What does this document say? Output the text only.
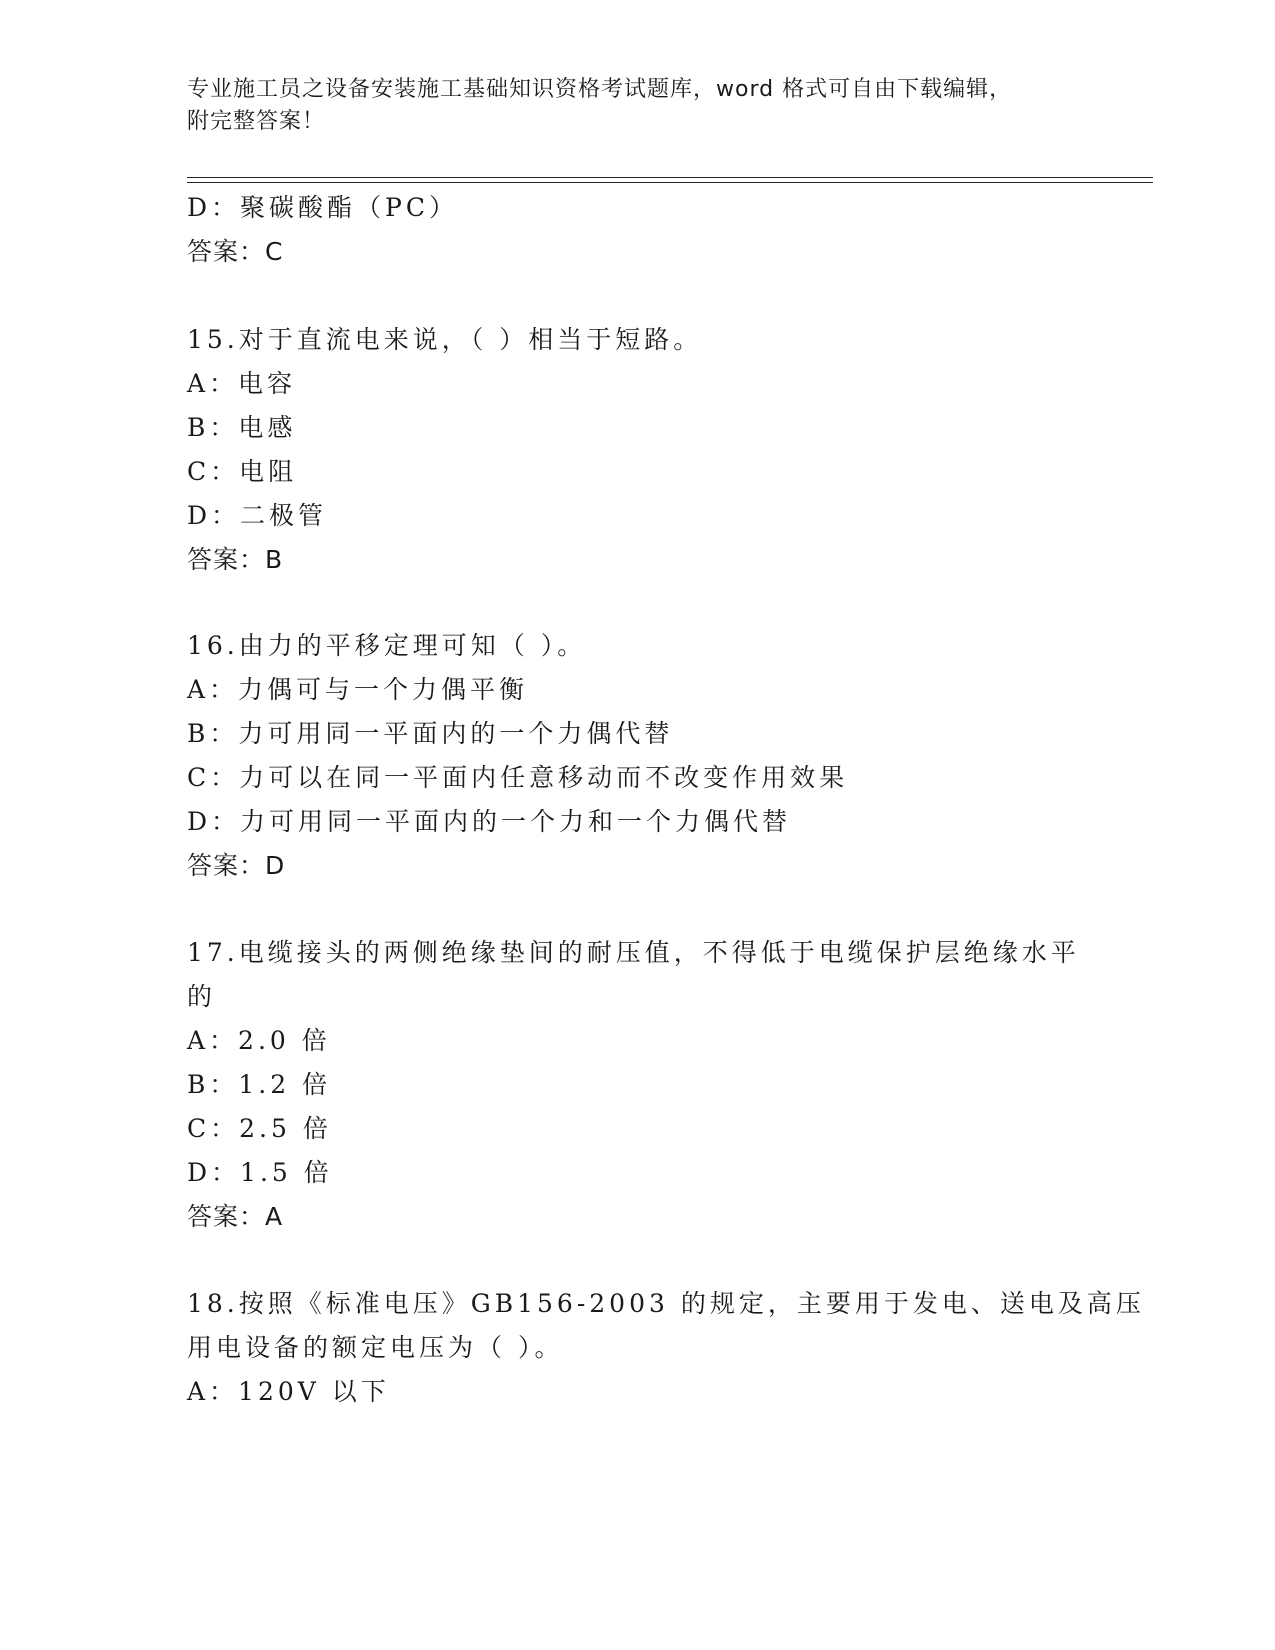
专业施工员之设备安装施工基础知识资格考试题库，word 格式可自由下载编辑，
附完整答案！
D：聚碳酸酯（PC）
答案：C
15.对于直流电来说，（ ）相当于短路。
A：电容
B：电感
C：电阻
D：二极管
答案：B
16.由力的平移定理可知（ ）。
A：力偶可与一个力偶平衡
B：力可用同一平面内的一个力偶代替
C：力可以在同一平面内任意移动而不改变作用效果
D：力可用同一平面内的一个力和一个力偶代替
答案：D
17.电缆接头的两侧绝缘垫间的耐压值，不得低于电缆保护层绝缘水平
的
A：2.0 倍
B：1.2 倍
C：2.5 倍
D：1.5 倍
答案：A
18.按照《标准电压》GB156-2003 的规定，主要用于发电、送电及高压
用电设备的额定电压为（ ）。
A：120V 以下
